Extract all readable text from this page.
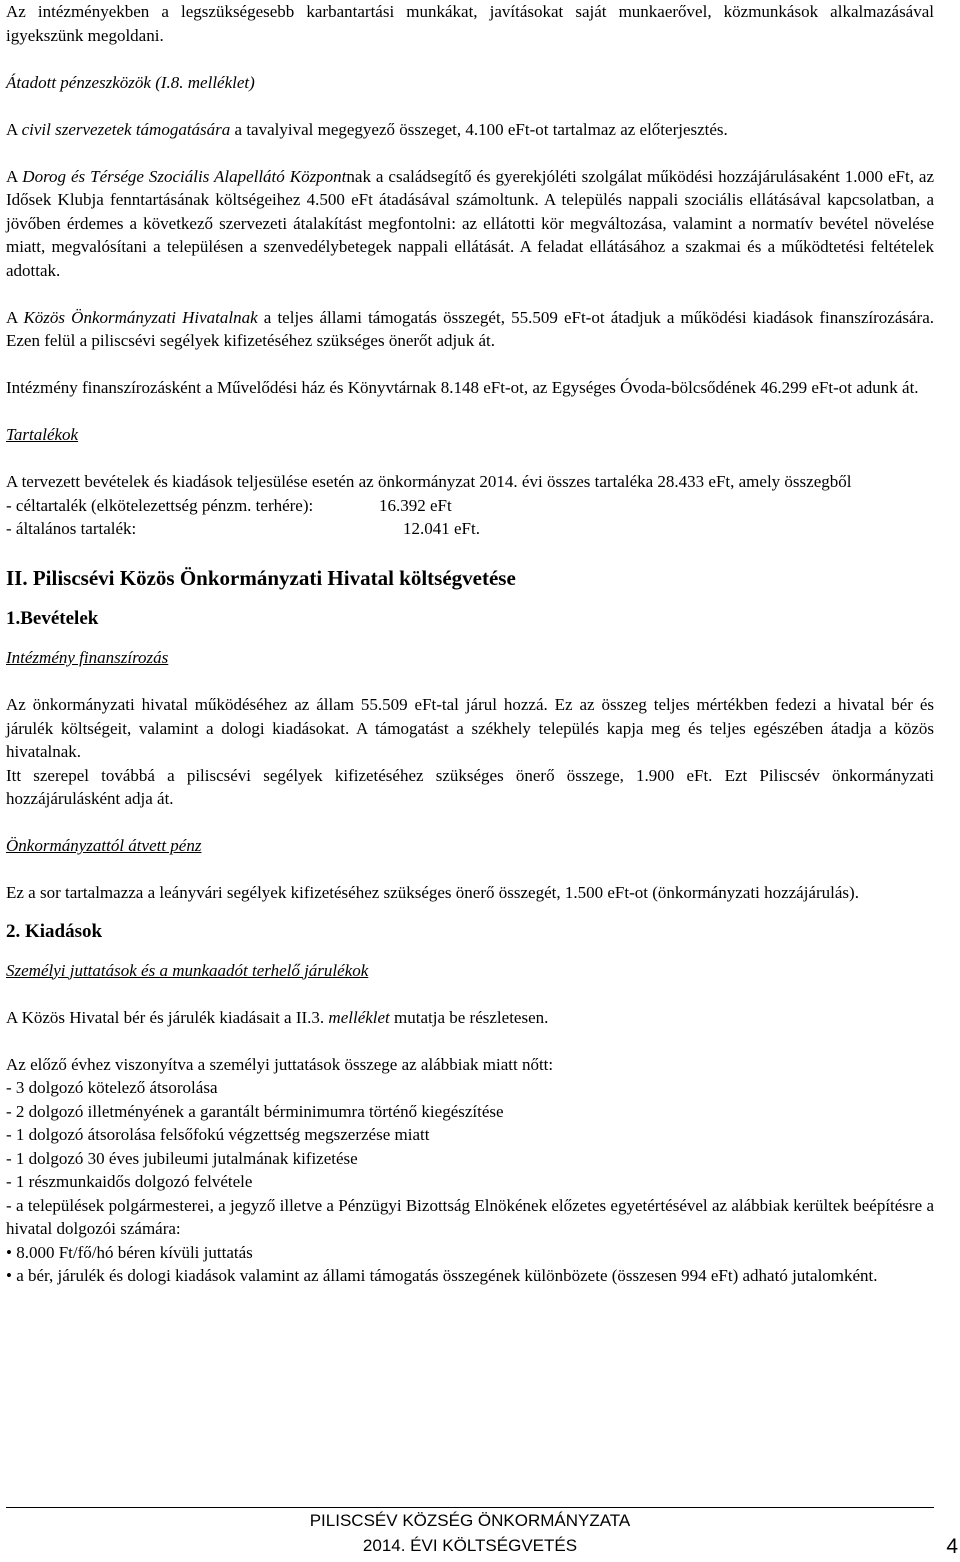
Az intézményekben a legszükségesebb karbantartási munkákat, javításokat saját munkaerővel, közmunkások alkalmazásával igyekszünk megoldani.

Átadott pénzeszközök (I.8. melléklet)

A civil szervezetek támogatására a tavalyival megegyező összeget, 4.100 eFt-ot tartalmaz az előterjesztés.

A Dorog és Térsége Szociális Alapellátó Központnak a családsegítő és gyerekjóléti szolgálat működési hozzájárulásaként 1.000 eFt, az Idősek Klubja fenntartásának költségeihez 4.500 eFt átadásával számoltunk. A település nappali szociális ellátásával kapcsolatban, a jövőben érdemes a következő szervezeti átalakítást megfontolni: az ellátotti kör megváltozása, valamint a normatív bevétel növelése miatt, megvalósítani a településen a szenvedélybetegek nappali ellátását. A feladat ellátásához a szakmai és a működtetési feltételek adottak.

A Közös Önkormányzati Hivatalnak a teljes állami támogatás összegét, 55.509 eFt-ot átadjuk a működési kiadások finanszírozására. Ezen felül a piliscsévi segélyek kifizetéséhez szükséges önerőt adjuk át.

Intézmény finanszírozásként a Művelődési ház és Könyvtárnak 8.148 eFt-ot, az Egységes Óvoda-bölcsődének 46.299 eFt-ot adunk át.

Tartalékok

A tervezett bevételek és kiadások teljesülése esetén az önkormányzat 2014. évi összes tartaléka 28.433 eFt, amely összegből

- céltartalék (elkötelezettség pénzm. terhére):	16.392 eFt
- általános tartalék:	12.041 eFt.
II. Piliscsévi Közös Önkormányzati Hivatal költségvetése
1.Bevételek

Intézmény finanszírozás

Az önkormányzati hivatal működéséhez az állam 55.509 eFt-tal járul hozzá. Ez az összeg teljes mértékben fedezi a hivatal bér és járulék költségeit, valamint a dologi kiadásokat. A támogatást a székhely település kapja meg és teljes egészében átadja a közös hivatalnak.

Itt szerepel továbbá a piliscsévi segélyek kifizetéséhez szükséges önerő összege, 1.900 eFt. Ezt Piliscsév önkormányzati hozzájárulásként adja át.

Önkormányzattól átvett pénz

Ez a sor tartalmazza a leányvári segélyek kifizetéséhez szükséges önerő összegét, 1.500 eFt-ot (önkormányzati hozzájárulás).

2. Kiadások

Személyi juttatások és a munkaadót terhelő járulékok

A Közös Hivatal bér és járulék kiadásait a II.3. melléklet mutatja be részletesen.

Az előző évhez viszonyítva a személyi juttatások összege az alábbiak miatt nőtt:

- 3 dolgozó kötelező átsorolása

- 2 dolgozó illetményének a garantált bérminimumra történő kiegészítése

- 1 dolgozó átsorolása felsőfokú végzettség megszerzése miatt

- 1 dolgozó 30 éves jubileumi jutalmának kifizetése

- 1 részmunkaidős dolgozó felvétele

- a települések polgármesterei, a jegyző illetve a Pénzügyi Bizottság Elnökének előzetes egyetértésével az alábbiak kerültek beépítésre a hivatal dolgozói számára:

• 8.000 Ft/fő/hó béren kívüli juttatás

• a bér, járulék és dologi kiadások valamint az állami támogatás összegének különbözete (összesen 994 eFt) adható jutalomként.

PILISCSÉV KÖZSÉG ÖNKORMÁNYZATA
2014. ÉVI KÖLTSÉGVETÉS	4
